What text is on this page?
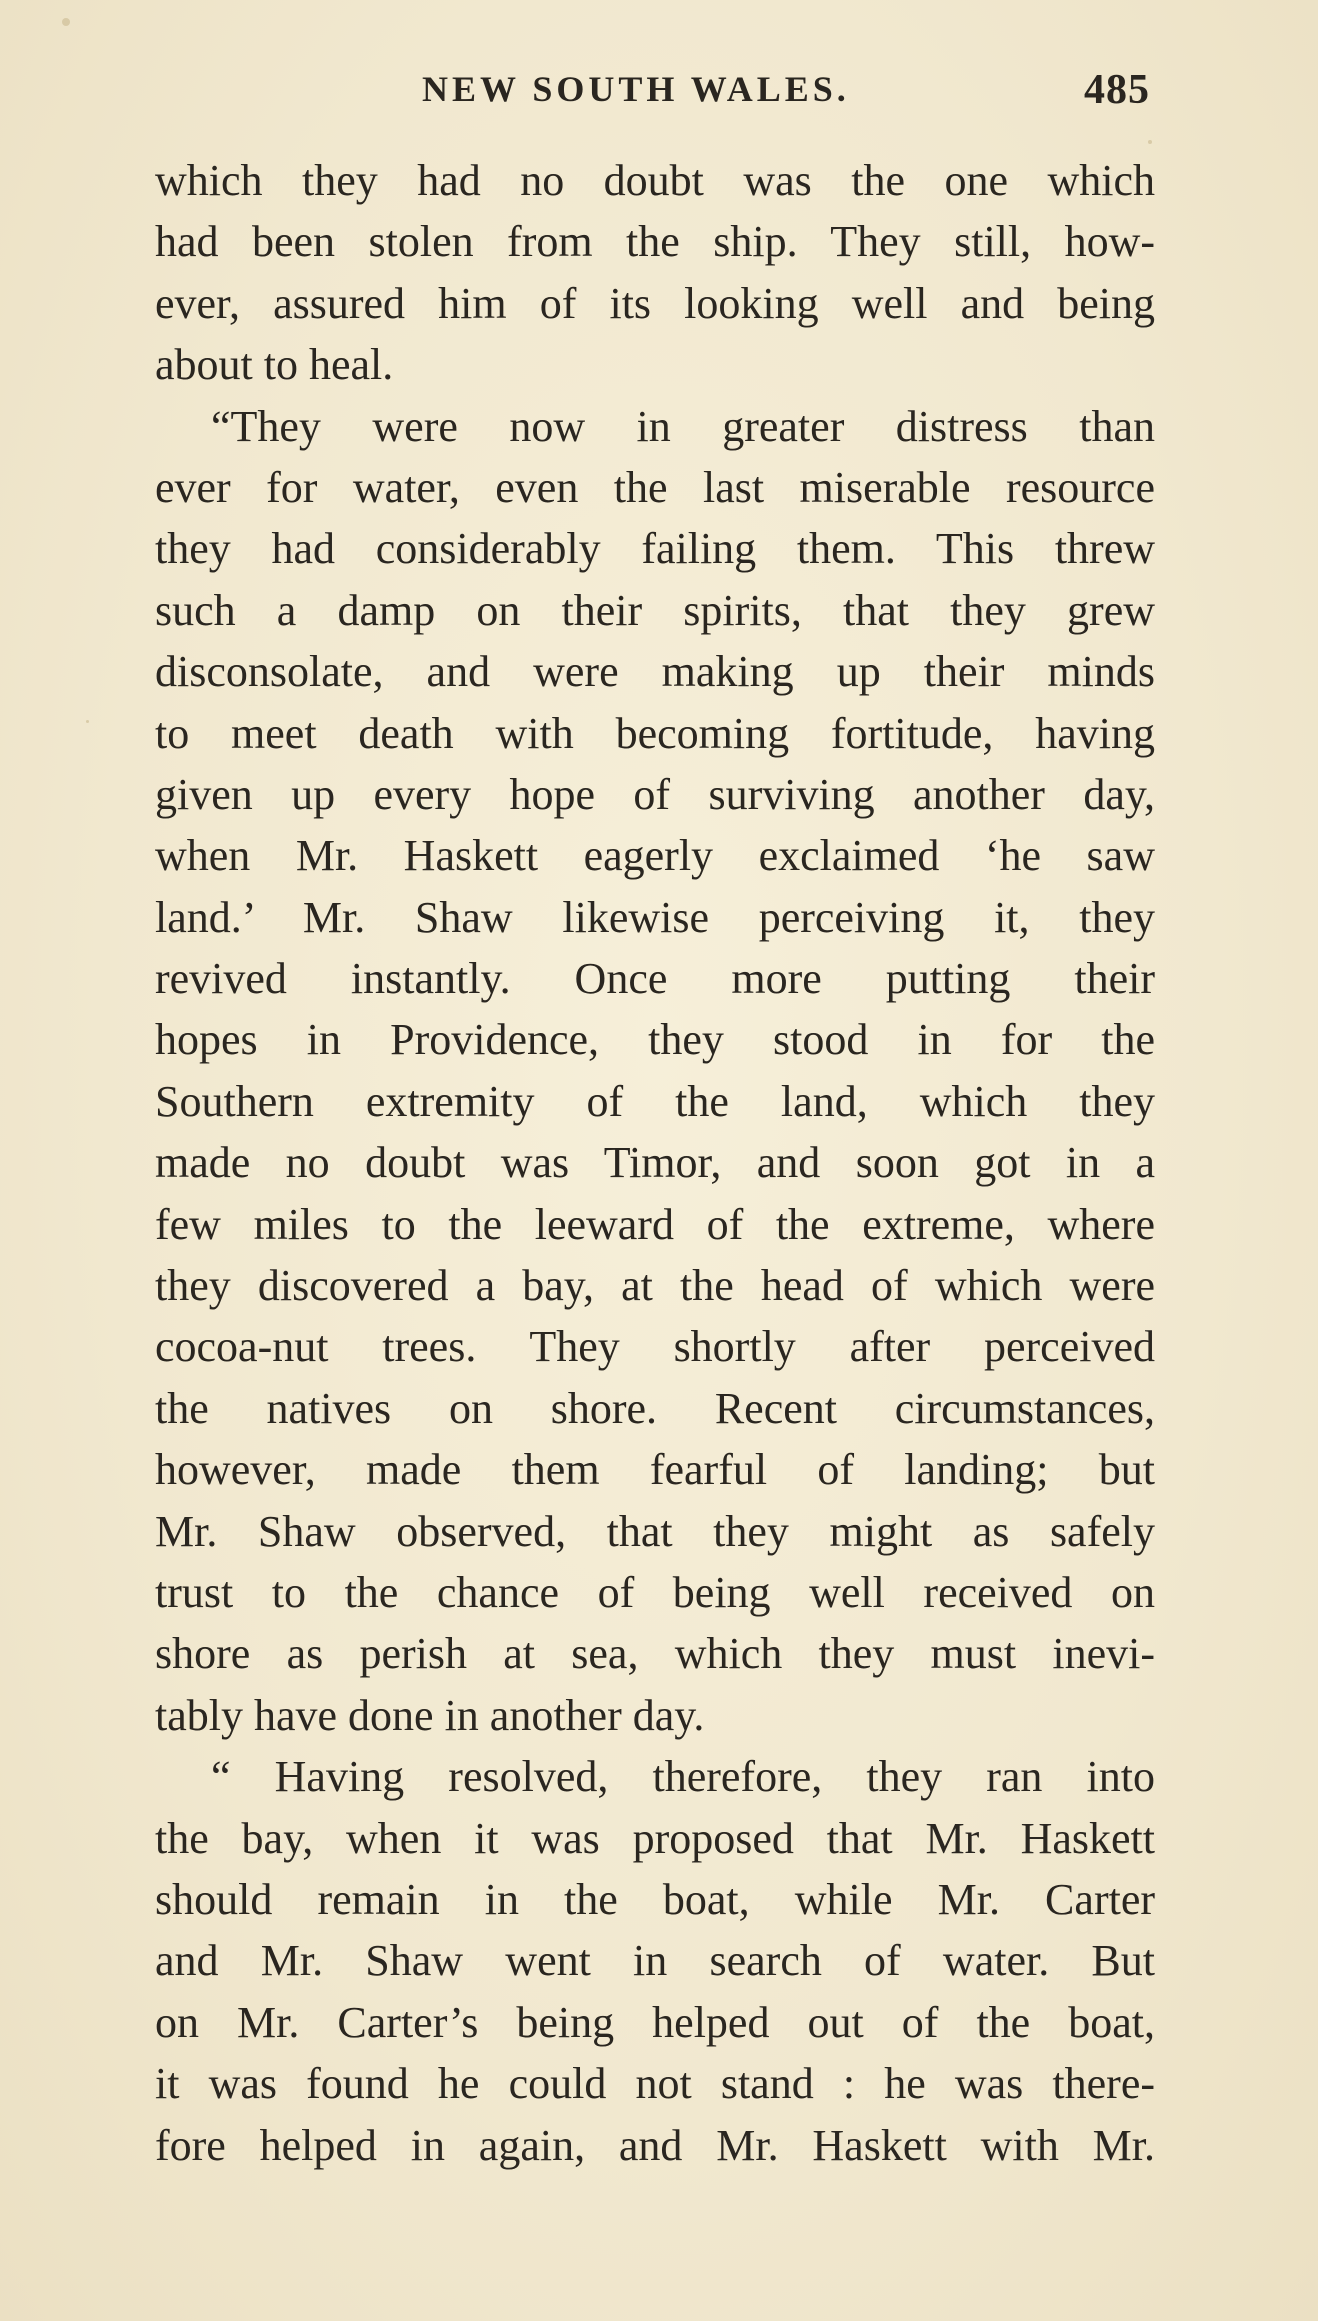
NEW SOUTH WALES.	485
which they had no doubt was the one which
had been stolen from the ship. They still, how-
ever, assured him of its looking well and being
about to heal.
“They were now in greater distress than
ever for water, even the last miserable resource
they had considerably failing them. This threw
such a damp on their spirits, that they grew
disconsolate, and were making up their minds
to meet death with becoming fortitude, having
given up every hope of surviving another day,
when Mr. Haskett eagerly exclaimed ‘he saw
land.’ Mr. Shaw likewise perceiving it, they
revived instantly. Once more putting their
hopes in Providence, they stood in for the
Southern extremity of the land, which they
made no doubt was Timor, and soon got in a
few miles to the leeward of the extreme, where
they discovered a bay, at the head of which were
cocoa-nut trees. They shortly after perceived
the natives on shore. Recent circumstances,
however, made them fearful of landing; but
Mr. Shaw observed, that they might as safely
trust to the chance of being well received on
shore as perish at sea, which they must inevi-
tably have done in another day.
“ Having resolved, therefore, they ran into
the bay, when it was proposed that Mr. Haskett
should remain in the boat, while Mr. Carter
and Mr. Shaw went in search of water. But
on Mr. Carter’s being helped out of the boat,
it was found he could not stand : he was there-
fore helped in again, and Mr. Haskett with Mr.
